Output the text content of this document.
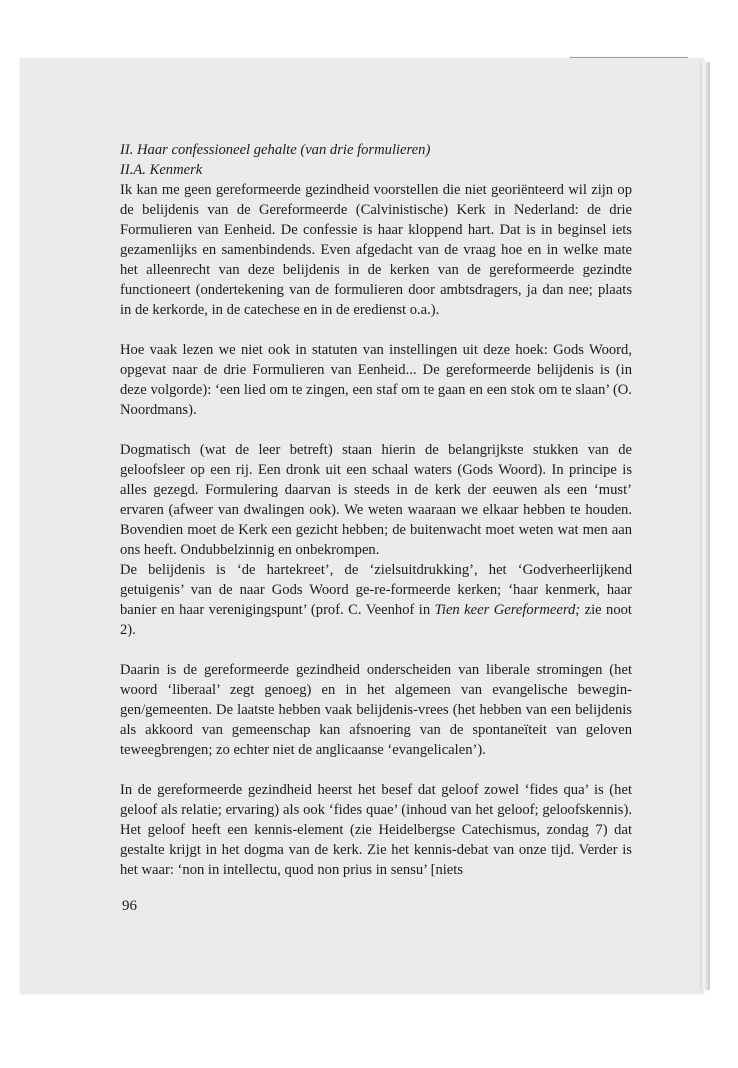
II. Haar confessioneel gehalte (van drie formulieren)

II.A. Kenmerk

Ik kan me geen gereformeerde gezindheid voorstellen die niet georiënteerd wil zijn op de belijdenis van de Gereformeerde (Calvinistische) Kerk in Nederland: de drie Formulieren van Eenheid. De confessie is haar kloppend hart. Dat is in beginsel iets gezamenlijks en samenbindends. Even afgedacht van de vraag hoe en in welke mate het alleenrecht van deze belijdenis in de kerken van de gereformeerde gezindte functioneert (ondertekening van de formulieren door ambtsdragers, ja dan nee; plaats in de kerkorde, in de catechese en in de eredienst o.a.).

Hoe vaak lezen we niet ook in statuten van instellingen uit deze hoek: Gods Woord, opgevat naar de drie Formulieren van Eenheid... De gereformeerde belijdenis is (in deze volgorde): ‘een lied om te zingen, een staf om te gaan en een stok om te slaan’ (O. Noordmans).

Dogmatisch (wat de leer betreft) staan hierin de belangrijkste stukken van de geloofsleer op een rij. Een dronk uit een schaal waters (Gods Woord). In principe is alles gezegd. Formulering daarvan is steeds in de kerk der eeuwen als een ‘must’ ervaren (afweer van dwalingen ook). We weten waaraan we elkaar hebben te houden. Bovendien moet de Kerk een gezicht hebben; de buitenwacht moet weten wat men aan ons heeft. Ondubbelzinnig en onbekrompen.

De belijdenis is ‘de hartekreet’, de ‘zielsuitdrukking’, het ‘Godverheerlijkend getuigenis’ van de naar Gods Woord ge-re-formeerde kerken; ‘haar kenmerk, haar banier en haar verenigingspunt’ (prof. C. Veenhof in Tien keer Gereformeerd; zie noot 2).

Daarin is de gereformeerde gezindheid onderscheiden van liberale stromingen (het woord ‘liberaal’ zegt genoeg) en in het algemeen van evangelische bewegin-gen/gemeenten. De laatste hebben vaak belijdenis-vrees (het hebben van een belijdenis als akkoord van gemeenschap kan afsnoering van de spontaneïteit van geloven teweegbrengen; zo echter niet de anglicaanse ‘evangelicalen’).

In de gereformeerde gezindheid heerst het besef dat geloof zowel ‘fides qua’ is (het geloof als relatie; ervaring) als ook ‘fides quae’ (inhoud van het geloof; geloofskennis). Het geloof heeft een kennis-element (zie Heidelbergse Catechismus, zondag 7) dat gestalte krijgt in het dogma van de kerk. Zie het kennis-debat van onze tijd. Verder is het waar: ‘non in intellectu, quod non prius in sensu’ [niets

96
